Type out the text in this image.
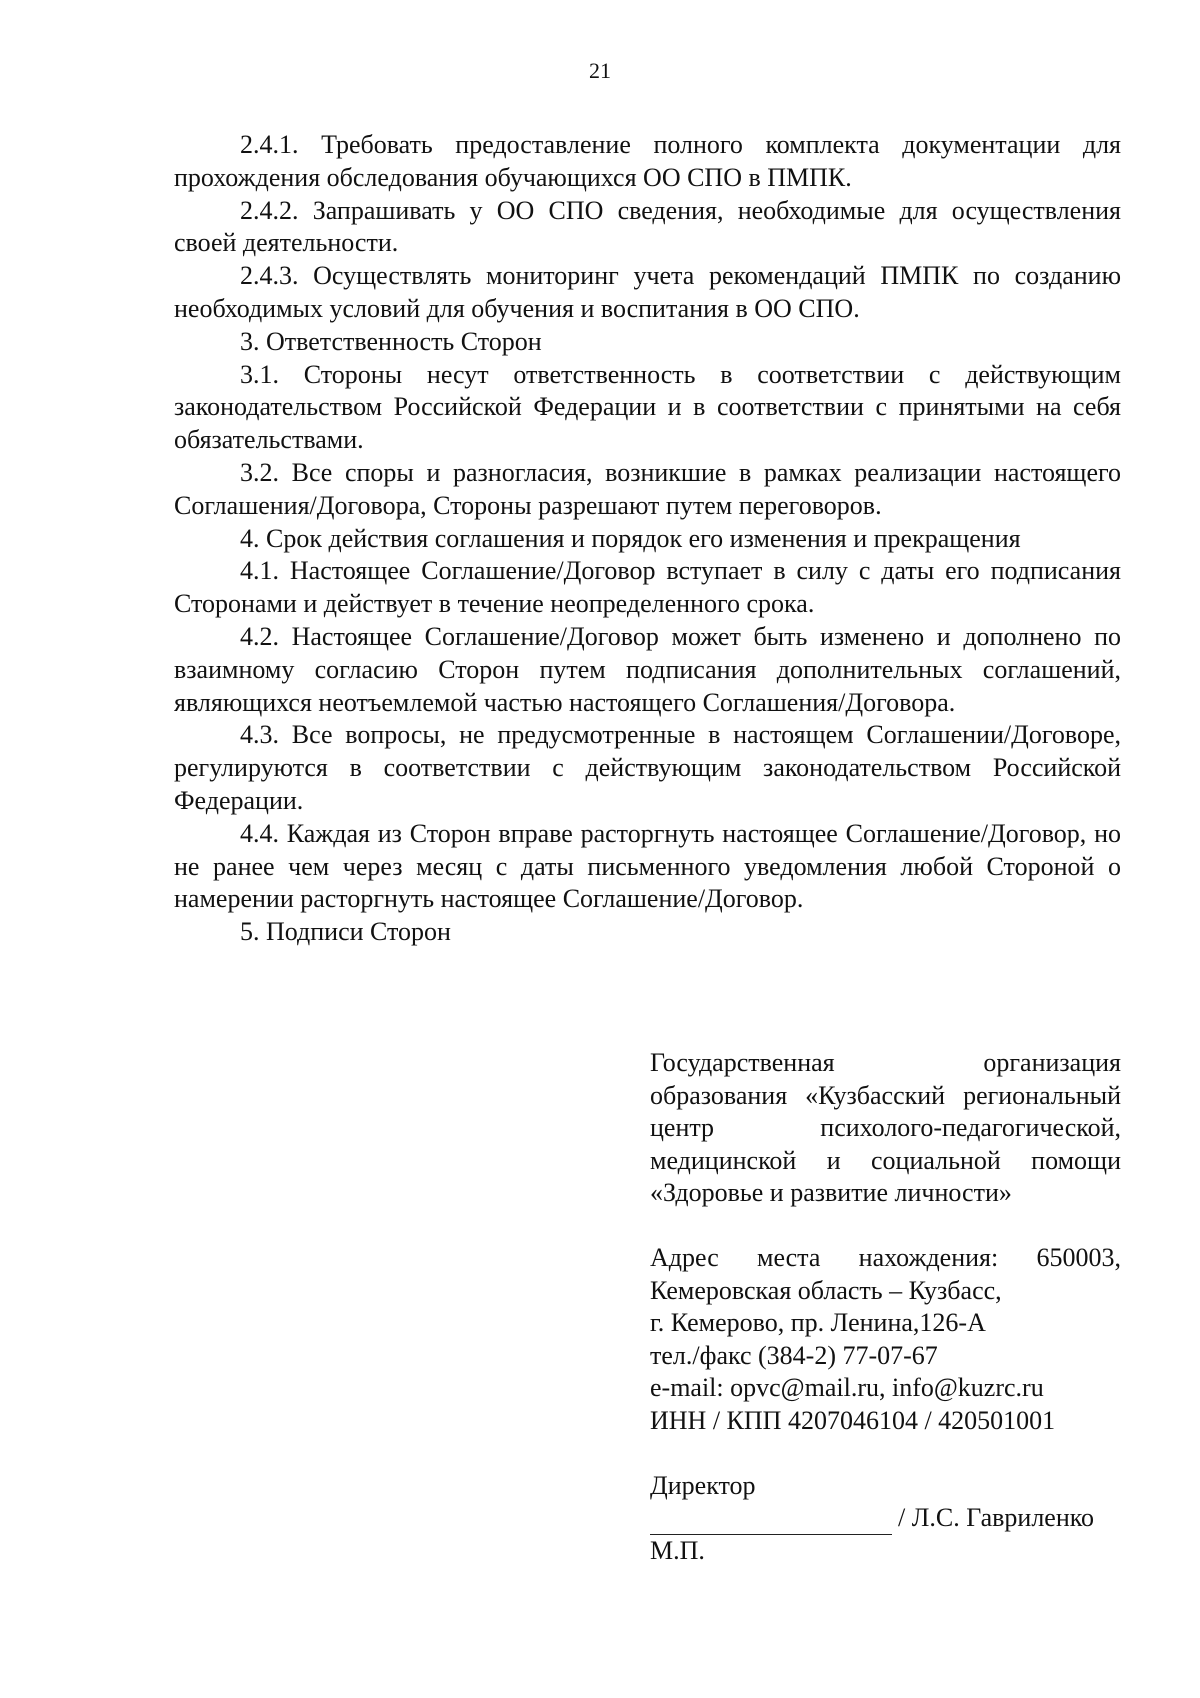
21

2.4.1. Требовать предоставление полного комплекта документации для прохождения обследования обучающихся ОО СПО в ПМПК.

2.4.2. Запрашивать у ОО СПО сведения, необходимые для осуществления своей деятельности.

2.4.3. Осуществлять мониторинг учета рекомендаций ПМПК по созданию необходимых условий для обучения и воспитания в ОО СПО.

3. Ответственность Сторон

3.1. Стороны несут ответственность в соответствии с действующим законодательством Российской Федерации и в соответствии с принятыми на себя обязательствами.

3.2. Все споры и разногласия, возникшие в рамках реализации настоящего Соглашения/Договора, Стороны разрешают путем переговоров.

4. Срок действия соглашения и порядок его изменения и прекращения

4.1. Настоящее Соглашение/Договор вступает в силу с даты его подписания Сторонами и действует в течение неопределенного срока.

4.2. Настоящее Соглашение/Договор может быть изменено и дополнено по взаимному согласию Сторон путем подписания дополнительных соглашений, являющихся неотъемлемой частью настоящего Соглашения/Договора.

4.3. Все вопросы, не предусмотренные в настоящем Соглашении/Договоре, регулируются в соответствии с действующим законодательством Российской Федерации.

4.4. Каждая из Сторон вправе расторгнуть настоящее Соглашение/Договор, но не ранее чем через месяц с даты письменного уведомления любой Стороной о намерении расторгнуть настоящее Соглашение/Договор.

5. Подписи Сторон

Государственная организация образования «Кузбасский региональный центр психолого-педагогической, медицинской и социальной помощи «Здоровье и развитие личности»

Адрес места нахождения: 650003,

Кемеровская область – Кузбасс,

г. Кемерово, пр. Ленина,126-А

тел./факс (384-2) 77-07-67

e-mail: opvc@mail.ru, info@kuzrc.ru

ИНН / КПП 4207046104 / 420501001

Директор

/ Л.С. Гавриленко

М.П.
